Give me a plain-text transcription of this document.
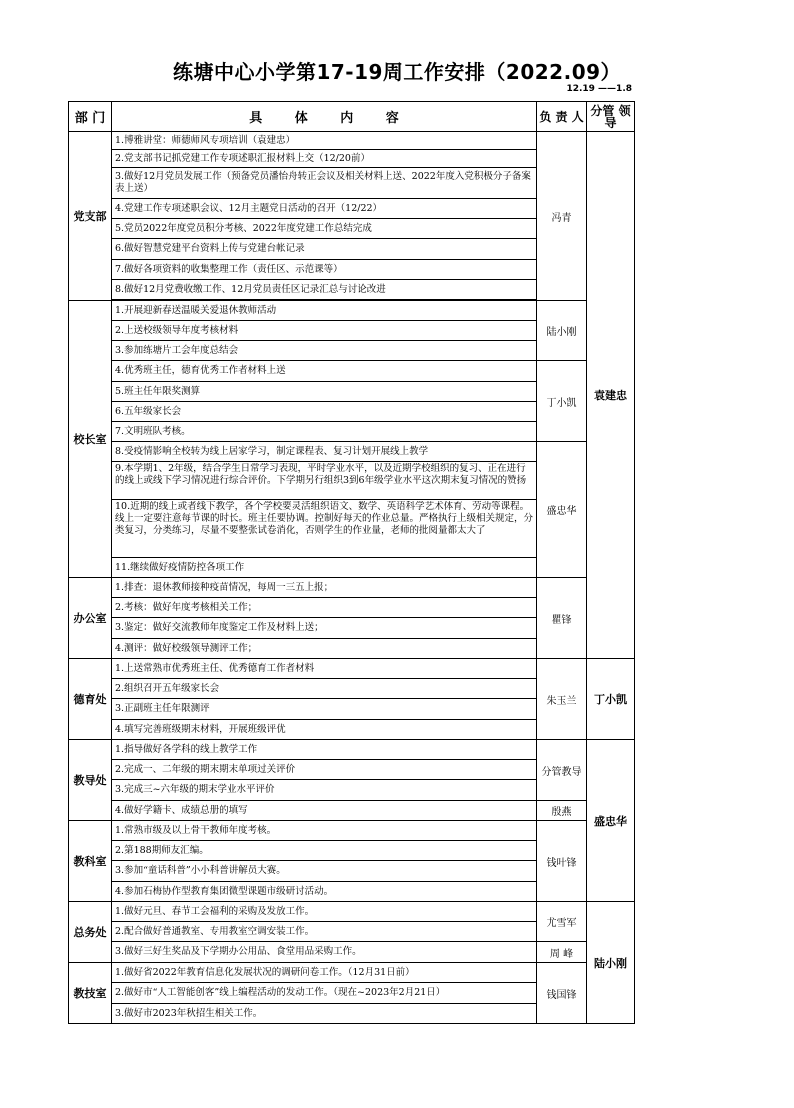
练塘中心小学第17-19周工作安排（2022.09）
12.19 ——1.8
部 门	具 体 内 容	负 责 人	分管 领导
党支部	1.博雅讲堂：师德师风专项培训（袁建忠）	冯青	袁建忠
	2.党支部书记抓党建工作专项述职汇报材料上交（12/20前）		
	3.做好12月党员发展工作（预备党员潘怡舟转正会议及相关材料上送、2022年度入党积极分子备案表上送）		
	4.党建工作专项述职会议、12月主题党日活动的召开（12/22）		
	5.党员2022年度党员积分考核、2022年度党建工作总结完成		
	6.做好智慧党建平台资料上传与党建台帐记录		
	7.做好各项资料的收集整理工作（责任区、示范课等）		
	8.做好12月党费收缴工作、12月党员责任区记录汇总与讨论改进		

校长室	1.开展迎新春送温暖关爱退休教师活动	陆小刚	
	2.上送校级领导年度考核材料		
	3.参加练塘片工会年度总结会		
	4.优秀班主任，德育优秀工作者材料上送	丁小凯	
	5.班主任年限奖测算		
	6.五年级家长会		
	7.文明班队考核。		
	8.受疫情影响全校转为线上居家学习，制定课程表、复习计划开展线上教学	盛忠华	

	9.本学期1、2年级，结合学生日常学习表现，平时学业水平，以及近期学校组织的复习、正在进行的线上或线下学习情况进行综合评价。下学期另行组织3到6年级学业水平这次期末复习情况的赞扬		

	10.近期的线上或者线下教学，各个学校要灵活组织语文、数学、英语科学艺术体育、劳动等课程。线上一定要注意每节课的时长。班主任要协调。控制好每天的作业总量。严格执行上级相关规定，分类复习，分类练习，尽量不要整张试卷消化，否则学生的作业量，老师的批阅量都太大了		

	11.继续做好疫情防控各项工作		
办公室	1.排查：退休教师接种疫苗情况，每周一三五上报；	瞿锋	
	2.考核：做好年度考核相关工作；		
	3.鉴定：做好交流教师年度鉴定工作及材料上送；		
	4.测评：做好校级领导测评工作；		
德育处	1.上送常熟市优秀班主任、优秀德育工作者材料	朱玉兰	丁小凯
	2.组织召开五年级家长会		
	3.正副班主任年限测评		
	4.填写完善班级期末材料，开展班级评优		
教导处	1.指导做好各学科的线上教学工作	分管教导	盛忠华
	2.完成一、二年级的期末期末单项过关评价		
	3.完成三~六年级的期末学业水平评价		
	4.做好学籍卡、成绩总册的填写	殷燕	
教科室	1.常熟市级及以上骨干教师年度考核。	钱叶锋	
	2.第188期师友汇编。		
	3.参加“童话科普”小小科普讲解员大赛。		
	4.参加石梅协作型教育集团微型课题市级研讨活动。		
总务处	1.做好元旦、春节工会福利的采购及发放工作。	尤雪军	陆小刚
	2.配合做好普通教室、专用教室空调安装工作。		
	3.做好三好生奖品及下学期办公用品、食堂用品采购工作。	周 峰	
教技室	1.做好省2022年教育信息化发展状况的调研问卷工作。（12月31日前）	钱国锋	
	2.做好市“人工智能创客”线上编程活动的发动工作。（现在~2023年2月21日）		
	3.做好市2023年秋招生相关工作。		
